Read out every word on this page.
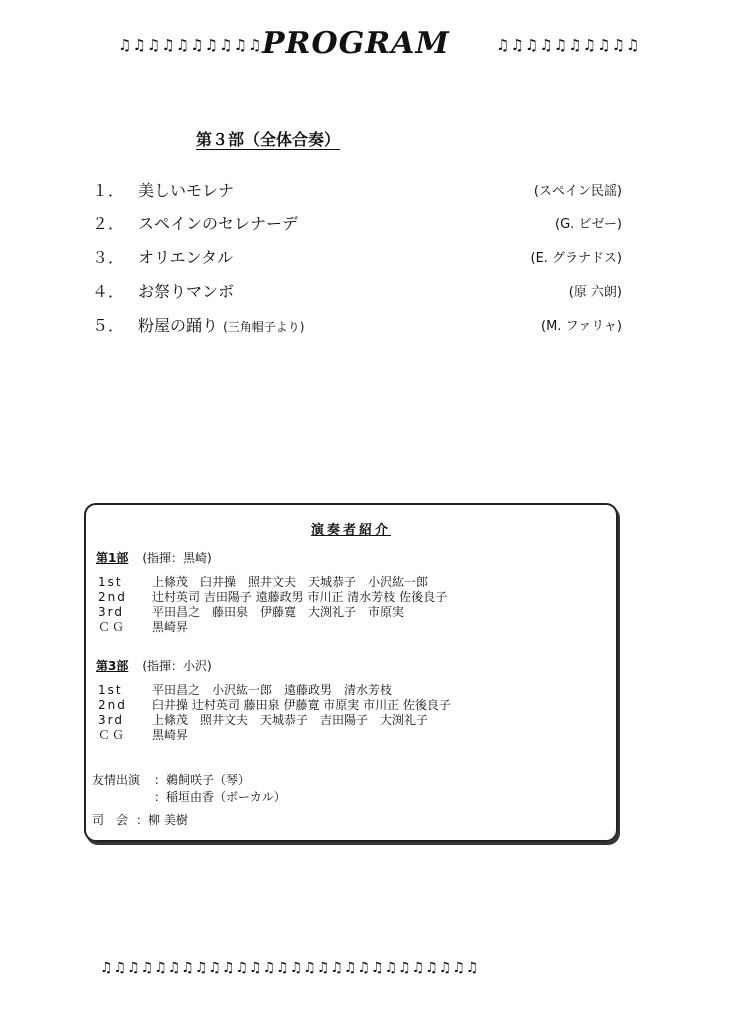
♫♫♫♫♫♫♫♫♫♫ PROGRAM	♫♫♫♫♫♫♫♫♫♫
第３部（全体合奏）
１． 美しいモレナ	(スペイン民謡)
２． スペインのセレナーデ	(G. ビゼー)
３． オリエンタル	(E. グラナドス)
４． お祭りマンボ	(原 六朗)
５． 粉屋の踊り (三角帽子より)	(M. ファリャ)
演奏者紹介
第1部 (指揮：黒崎)
1st 上條茂　臼井操　照井文夫　天城恭子　小沢紘一郎
2nd 辻村英司 吉田陽子 遠藤政男 市川正 清水芳枝 佐後良子
3rd 平田昌之　藤田泉　伊藤寛　大渕礼子　市原実
ＣＧ 黒崎昇
第3部 (指揮：小沢)
1st 平田昌之　小沢紘一郎　遠藤政男　清水芳枝
2nd 臼井操 辻村英司 藤田泉 伊藤寛 市原実 市川正 佐後良子
3rd 上條茂　照井文夫　天城恭子　吉田陽子　大渕礼子
ＣＧ 黒崎昇
友情出演 ：鵜飼咲子（琴）
：稲垣由香（ボーカル）
司　会 ：柳 美樹
♫♫♫♫♫♫♫♫♫♫♫♫♫♫♫♫♫♫♫♫♫♫♫♫♫♫♫♫
